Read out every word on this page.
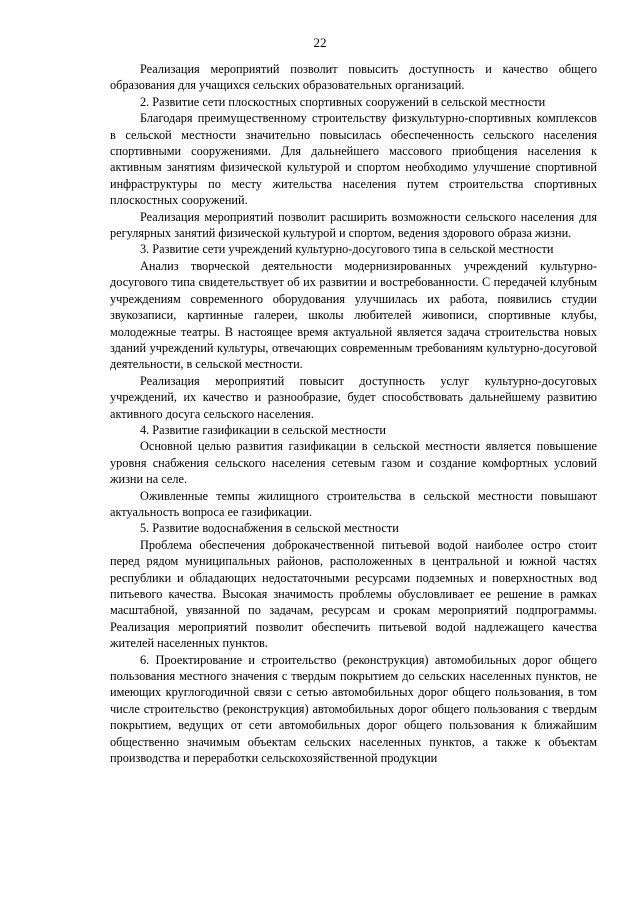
22

Реализация мероприятий позволит повысить доступность и качество общего образования для учащихся сельских образовательных организаций.

2. Развитие сети плоскостных спортивных сооружений в сельской местности

Благодаря преимущественному строительству физкультурно-спортивных комплексов в сельской местности значительно повысилась обеспеченность сельского населения спортивными сооружениями. Для дальнейшего массового приобщения населения к активным занятиям физической культурой и спортом необходимо улучшение спортивной инфраструктуры по месту жительства населения путем строительства спортивных плоскостных сооружений.

Реализация мероприятий позволит расширить возможности сельского населения для регулярных занятий физической культурой и спортом, ведения здорового образа жизни.

3. Развитие сети учреждений культурно-досугового типа в сельской местности

Анализ творческой деятельности модернизированных учреждений культурно-досугового типа свидетельствует об их развитии и востребованности. С передачей клубным учреждениям современного оборудования улучшилась их работа, появились студии звукозаписи, картинные галереи, школы любителей живописи, спортивные клубы, молодежные театры. В настоящее время актуальной является задача строительства новых зданий учреждений культуры, отвечающих современным требованиям культурно-досуговой деятельности, в сельской местности.

Реализация мероприятий повысит доступность услуг культурно-досуговых учреждений, их качество и разнообразие, будет способствовать дальнейшему развитию активного досуга сельского населения.

4. Развитие газификации в сельской местности

Основной целью развития газификации в сельской местности является повышение уровня снабжения сельского населения сетевым газом и создание комфортных условий жизни на селе.

Оживленные темпы жилищного строительства в сельской местности повышают актуальность вопроса ее газификации.

5. Развитие водоснабжения в сельской местности

Проблема обеспечения доброкачественной питьевой водой наиболее остро стоит перед рядом муниципальных районов, расположенных в центральной и южной частях республики и обладающих недостаточными ресурсами подземных и поверхностных вод питьевого качества. Высокая значимость проблемы обусловливает ее решение в рамках масштабной, увязанной по задачам, ресурсам и срокам мероприятий подпрограммы. Реализация мероприятий позволит обеспечить питьевой водой надлежащего качества жителей населенных пунктов.

6. Проектирование и строительство (реконструкция) автомобильных дорог общего пользования местного значения с твердым покрытием до сельских населенных пунктов, не имеющих круглогодичной связи с сетью автомобильных дорог общего пользования, в том числе строительство (реконструкция) автомобильных дорог общего пользования с твердым покрытием, ведущих от сети автомобильных дорог общего пользования к ближайшим общественно значимым объектам сельских населенных пунктов, а также к объектам производства и переработки сельскохозяйственной продукции
